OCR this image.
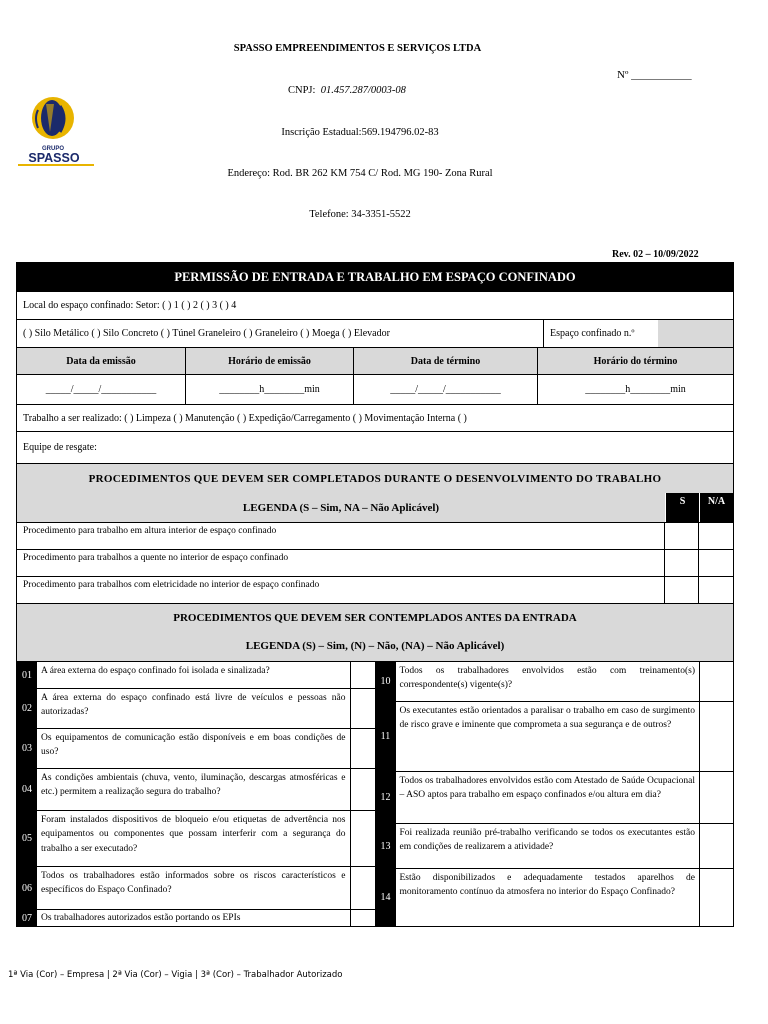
SPASSO EMPREENDIMENTOS E SERVIÇOS LTDA
Nº ___________
CNPJ: 01.457.287/0003-08
Inscrição Estadual:569.194796.02-83
Endereço: Rod. BR 262 KM 754 C/ Rod. MG 190- Zona Rural
Telefone: 34-3351-5522
Rev. 02 – 10/09/2022
GRUPO
SPASSO
PERMISSÃO DE ENTRADA E TRABALHO EM ESPAÇO CONFINADO
Local do espaço confinado: Setor: ( ) 1 ( ) 2 ( ) 3 ( ) 4
( ) Silo Metálico ( ) Silo Concreto ( ) Túnel Graneleiro ( ) Graneleiro ( ) Moega ( ) Elevador	Espaço confinado n.º
Data da emissão	Horário de emissão	Data de término	Horário do término
_____/_____/___________	________h________min	_____/_____/___________	________h________min
Trabalho a ser realizado: ( ) Limpeza ( ) Manutenção ( ) Expedição/Carregamento ( ) Movimentação Interna ( )
Equipe de resgate:
PROCEDIMENTOS QUE DEVEM SER COMPLETADOS DURANTE O DESENVOLVIMENTO DO TRABALHO
LEGENDA (S – Sim, NA – Não Aplicável)	S	N/A
Procedimento para trabalho em altura interior de espaço confinado
Procedimento para trabalhos a quente no interior de espaço confinado
Procedimento para trabalhos com eletricidade no interior de espaço confinado
PROCEDIMENTOS QUE DEVEM SER CONTEMPLADOS ANTES DA ENTRADA
LEGENDA (S) – Sim, (N) – Não, (NA) – Não Aplicável)
01 A área externa do espaço confinado foi isolada e sinalizada?
02
A área externa do espaço confinado está livre de veículos e pessoas não autorizadas?
03
Os equipamentos de comunicação estão disponíveis e em boas condições de uso?
04
As condições ambientais (chuva, vento, iluminação, descargas atmosféricas e etc.) permitem a realização segura do trabalho?
05
Foram instalados dispositivos de bloqueio e/ou etiquetas de advertência nos equipamentos ou componentes que possam interferir com a segurança do trabalho a ser executado?
06
Todos os trabalhadores estão informados sobre os riscos característicos e específicos do Espaço Confinado?
07 Os trabalhadores autorizados estão portando os EPIs
10
Todos os trabalhadores envolvidos estão com treinamento(s) correspondente(s) vigente(s)?
11
Os executantes estão orientados a paralisar o trabalho em caso de surgimento de risco grave e iminente que comprometa a sua segurança e de outros?
12
Todos os trabalhadores envolvidos estão com Atestado de Saúde Ocupacional – ASO aptos para trabalho em espaço confinados e/ou altura em dia?
13
Foi realizada reunião pré-trabalho verificando se todos os executantes estão em condições de realizarem a atividade?
14
Estão disponibilizados e adequadamente testados aparelhos de monitoramento contínuo da atmosfera no interior do Espaço Confinado?
1ª Via (Cor) – Empresa | 2ª Via (Cor) – Vigia | 3ª (Cor) – Trabalhador Autorizado
